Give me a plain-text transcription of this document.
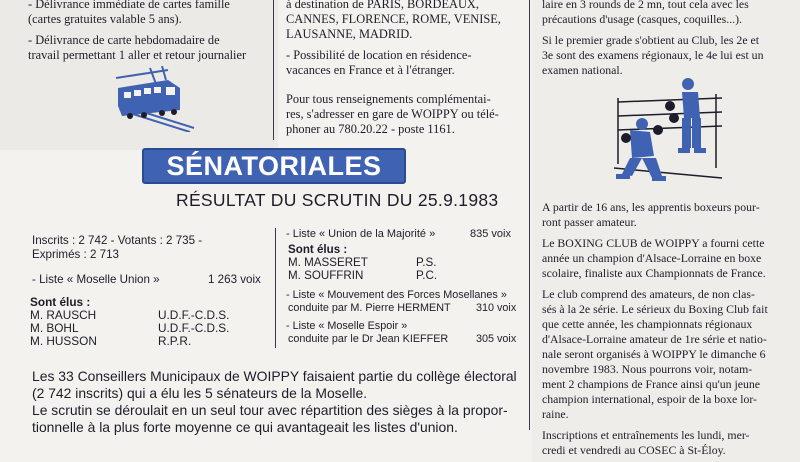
- Délivrance immédiate de cartes famille
(cartes gratuites valable 5 ans).
- Délivrance de carte hebdomadaire de
travail permettant 1 aller et retour journalier
à destination de PARIS, BORDEAUX,
CANNES, FLORENCE, ROME, VENISE,
LAUSANNE, MADRID.
- Possibilité de location en résidence-
vacances en France et à l'étranger.
Pour tous renseignements complémentai-
res, s'adresser en gare de WOIPPY ou télé-
phoner au 780.20.22 - poste 1161.
SÉNATORIALES
RÉSULTAT DU SCRUTIN DU 25.9.1983
Inscrits : 2 742 - Votants : 2 735 -
Exprimés : 2 713
- Liste « Moselle Union »	1 263 voix
Sont élus :
M. RAUSCH	U.D.F.-C.D.S.
M. BOHL	U.D.F.-C.D.S.
M. HUSSON	R.P.R.
- Liste « Union de la Majorité »	835 voix
Sont élus :
M. MASSERET	P.S.
M. SOUFFRIN	P.C.
- Liste « Mouvement des Forces Mosellanes »
conduite par M. Pierre HERMENT 310 voix
- Liste « Moselle Espoir »
conduite par le Dr Jean KIEFFER	305 voix
Les 33 Conseillers Municipaux de WOIPPY faisaient partie du collège électoral
(2 742 inscrits) qui a élu les 5 sénateurs de la Moselle.
Le scrutin se déroulait en un seul tour avec répartition des sièges à la propor-
tionnelle à la plus forte moyenne ce qui avantageait les listes d'union.
laire en 3 rounds de 2 mn, tout cela avec les
précautions d'usage (casques, coquilles...).
Si le premier grade s'obtient au Club, les 2e et
3e sont des examens régionaux, le 4e lui est un
examen national.
A partir de 16 ans, les apprentis boxeurs pour-
ront passer amateur.
Le BOXING CLUB de WOIPPY a fourni cette
année un champion d'Alsace-Lorraine en boxe
scolaire, finaliste aux Championnats de France.
Le club comprend des amateurs, de non clas-
sés à la 2e série. Le sérieux du Boxing Club fait
que cette année, les championnats régionaux
d'Alsace-Lorraine amateur de 1re série et natio-
nale seront organisés à WOIPPY le dimanche 6
novembre 1983. Nous pourrons voir, notam-
ment 2 champions de France ainsi qu'un jeune
champion international, espoir de la boxe lor-
raine.
Inscriptions et entraînements les lundi, mer-
credi et vendredi au COSEC à St-Éloy.
